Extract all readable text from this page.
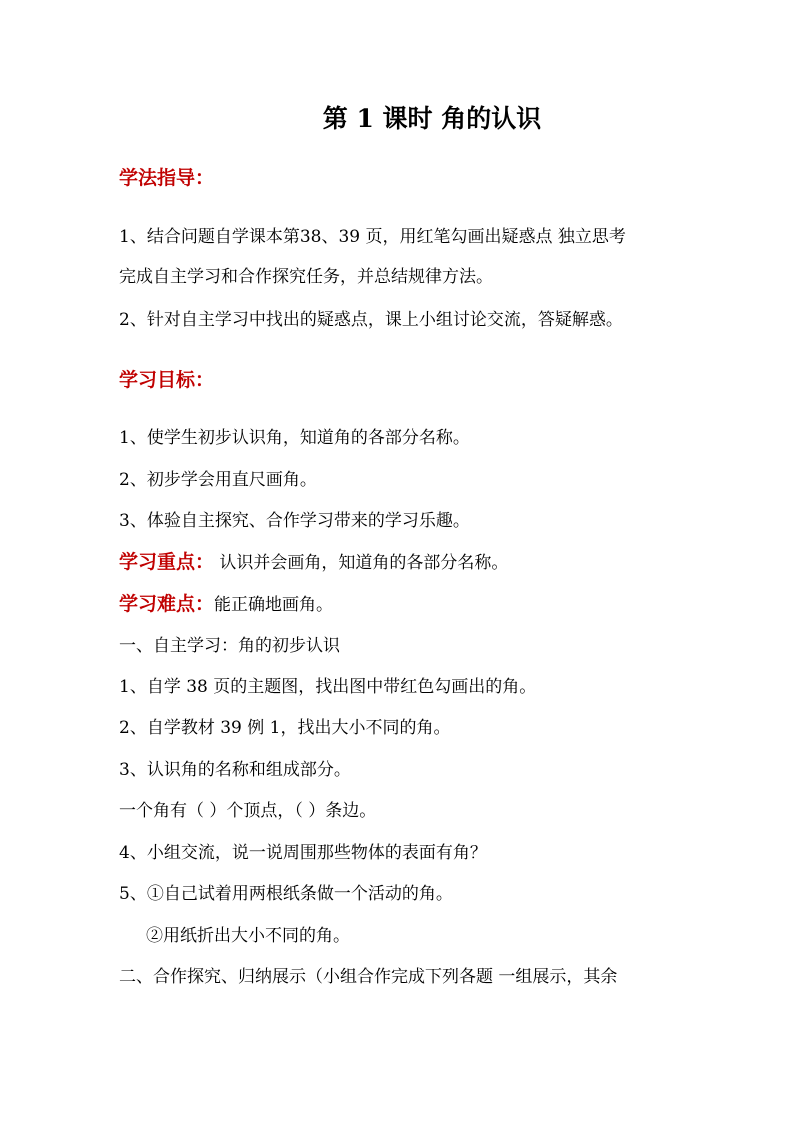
第 1 课时 角的认识
学法指导：
1、结合问题自学课本第38、39 页，用红笔勾画出疑惑点 独立思考
完成自主学习和合作探究任务，并总结规律方法。
2、针对自主学习中找出的疑惑点，课上小组讨论交流，答疑解惑。
学习目标：
1、使学生初步认识角，知道角的各部分名称。
2、初步学会用直尺画角。
3、体验自主探究、合作学习带来的学习乐趣。
学习重点： 认识并会画角，知道角的各部分名称。
学习难点：能正确地画角。
一、自主学习：角的初步认识
1、自学 38 页的主题图，找出图中带红色勾画出的角。
2、自学教材 39 例 1，找出大小不同的角。
3、认识角的名称和组成部分。
一个角有（ ）个顶点，（ ）条边。
4、小组交流，说一说周围那些物体的表面有角？
5、①自己试着用两根纸条做一个活动的角。
②用纸折出大小不同的角。
二、合作探究、归纳展示（小组合作完成下列各题 一组展示，其余
